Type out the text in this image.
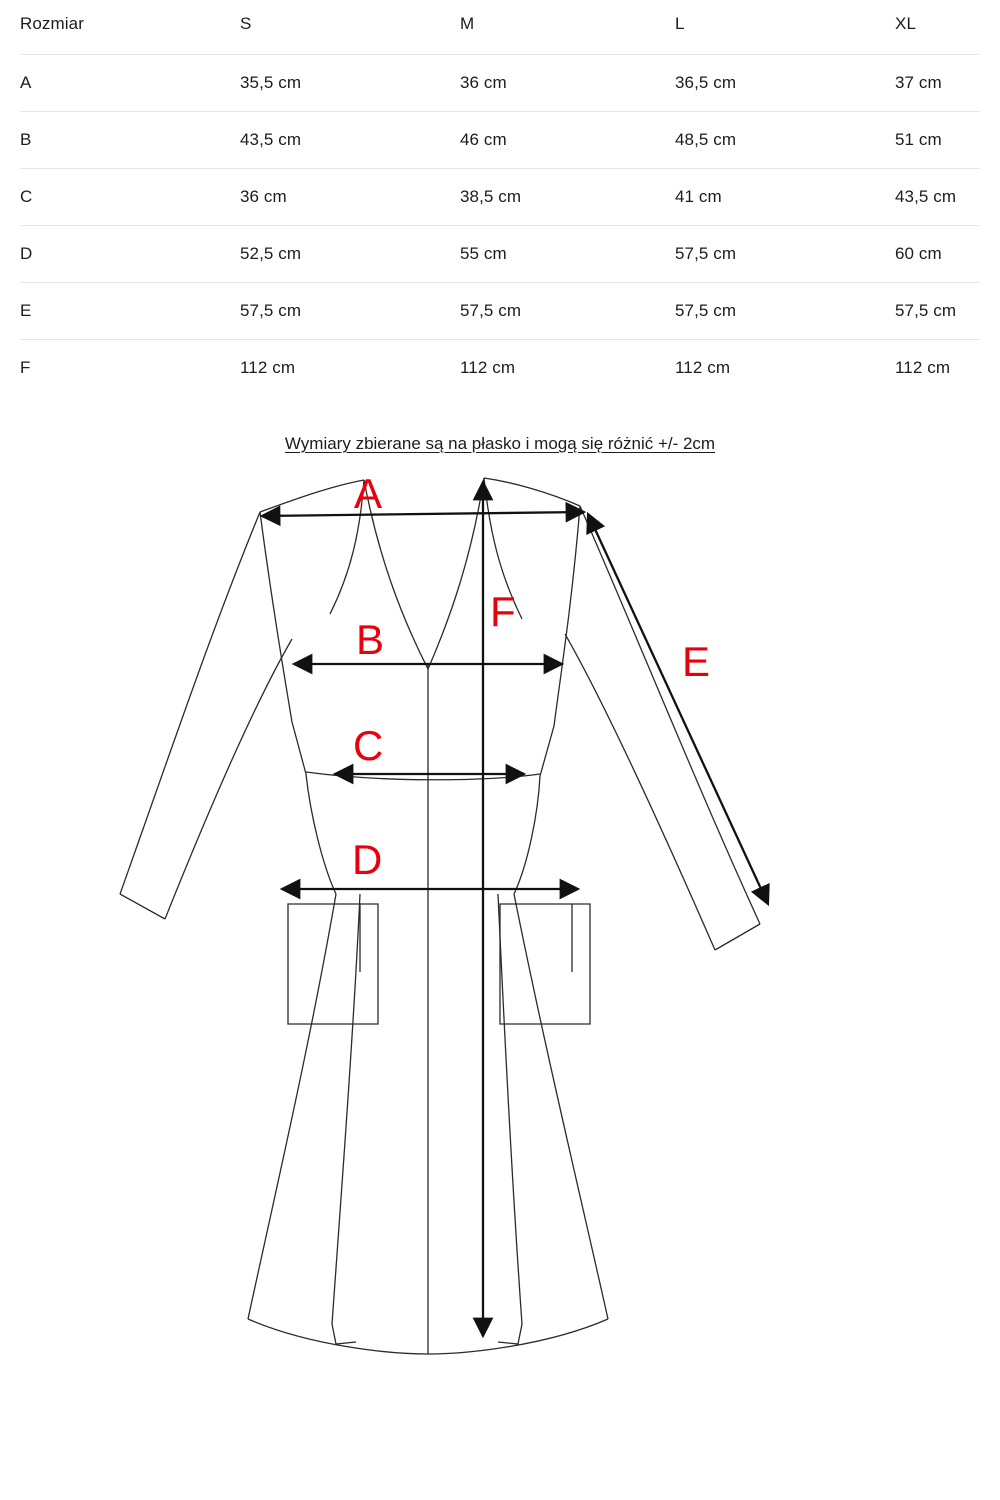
Rozmiar	S	M	L	XL
A	35,5 cm	36 cm	36,5 cm	37 cm
B	43,5 cm	46 cm	48,5 cm	51 cm
C	36 cm	38,5 cm	41 cm	43,5 cm
D	52,5 cm	55 cm	57,5 cm	60 cm
E	57,5 cm	57,5 cm	57,5 cm	57,5 cm
F	112 cm	112 cm	112 cm	112 cm
Wymiary zbierane są na płasko i mogą się różnić +/- 2cm
A
B
C
D
E
F
